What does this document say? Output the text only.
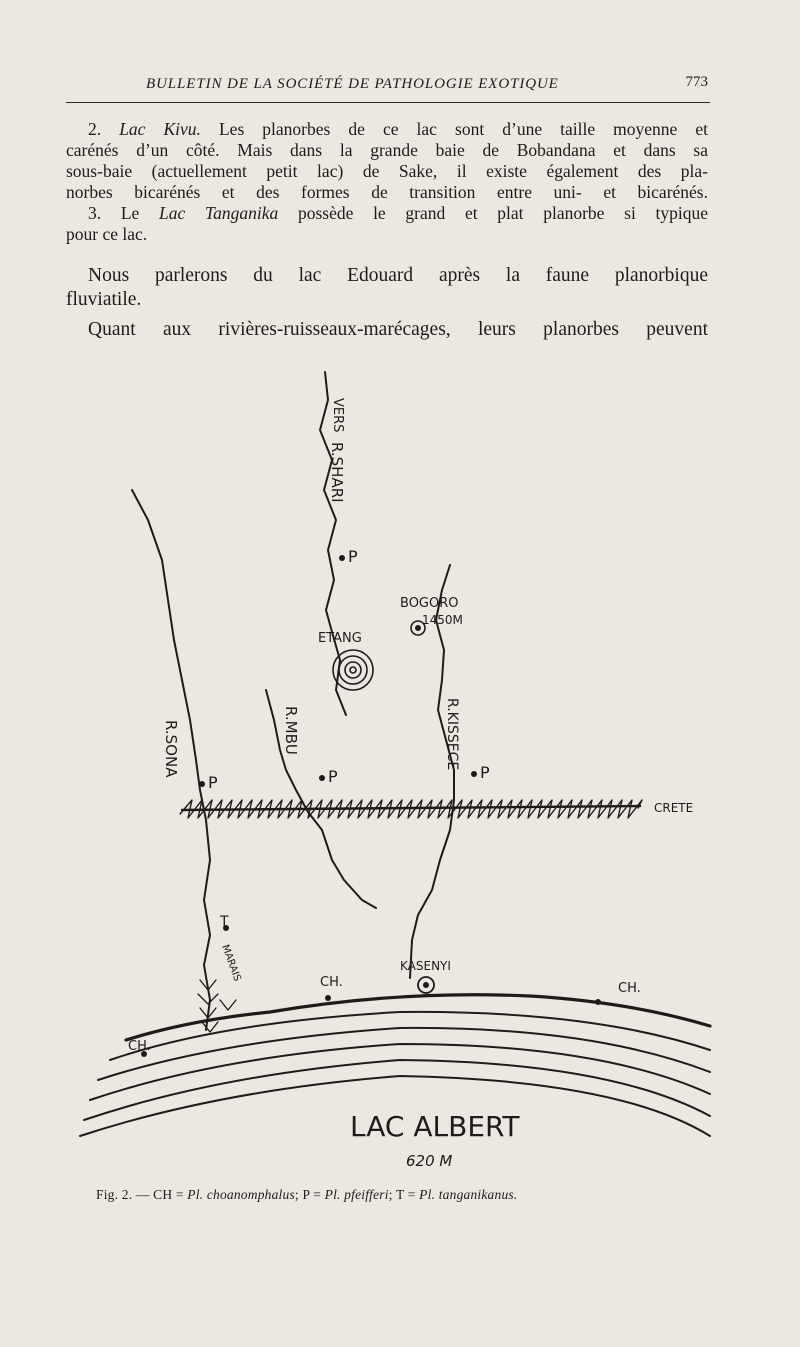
BULLETIN DE LA SOCIÉTÉ DE PATHOLOGIE EXOTIQUE	773
2. Lac Kivu. Les planorbes de ce lac sont d’une taille moyenne et
carénés d’un côté. Mais dans la grande baie de Bobandana et dans sa
sous-baie (actuellement petit lac) de Sake, il existe également des pla-
norbes bicarénés et des formes de transition entre uni- et bicarénés.
3. Le Lac Tanganika possède le grand et plat planorbe si typique
pour ce lac.
Nous parlerons du lac Edouard après la faune planorbique
fluviatile.
Quant aux rivières-ruisseaux-marécages, leurs planorbes peuvent
VERS
R.SHARI
P
BOGORO
1450M
ETANG
R.SONA	R.MBU	R.KISSECE
P	P	P
CRETE
T
MARAIS	KASENYI
CH.	CH.
CH.
LAC ALBERT
620 M
Fig. 2. — CH = Pl. choanomphalus; P = Pl. pfeifferi; T = Pl. tanganikanus.
